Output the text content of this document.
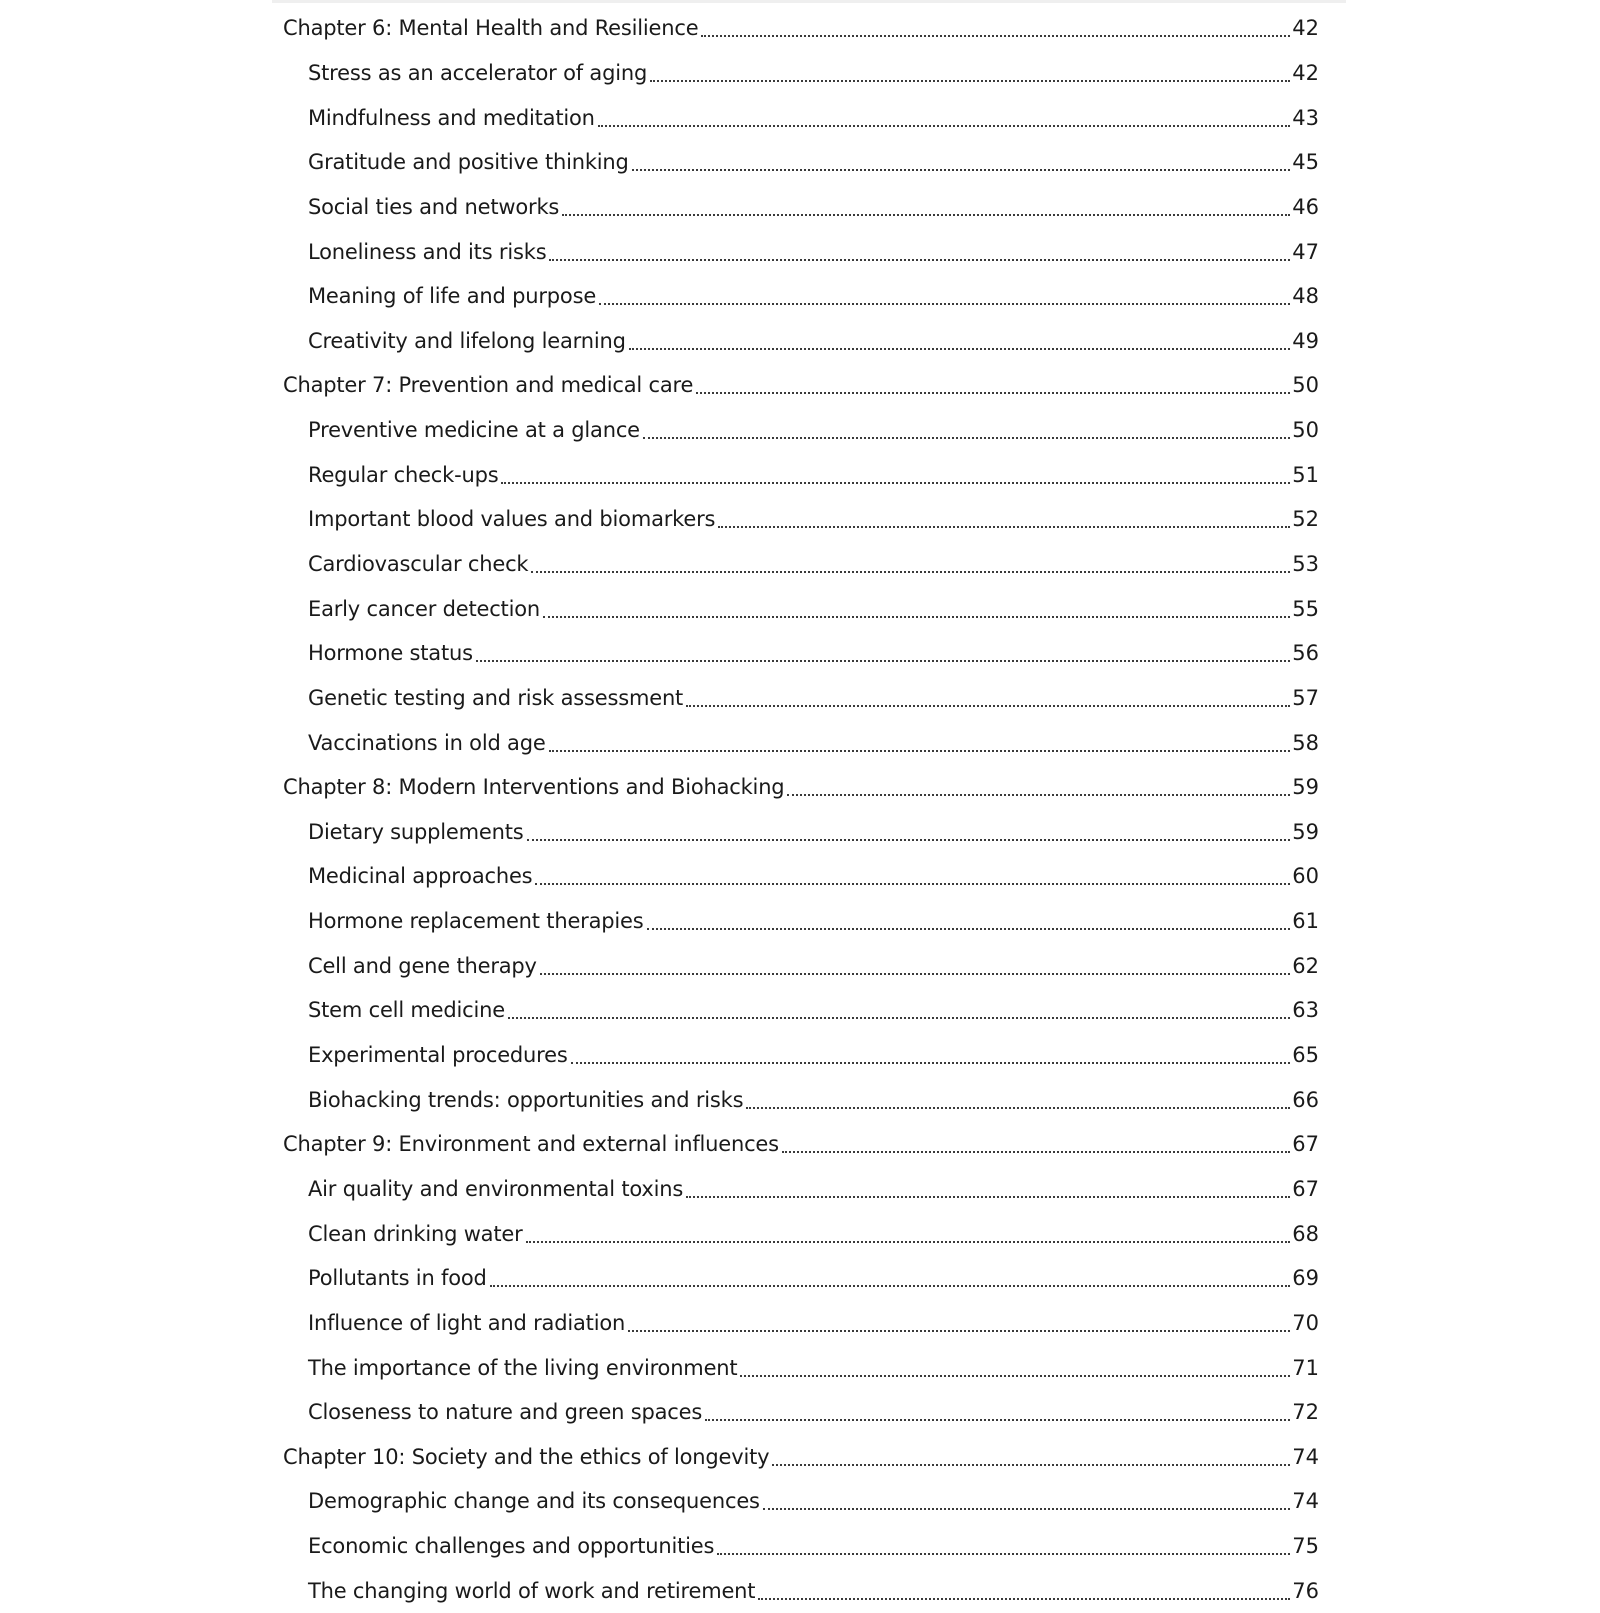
Chapter 6: Mental Health and Resilience	42
Stress as an accelerator of aging	42
Mindfulness and meditation	43
Gratitude and positive thinking	45
Social ties and networks	46
Loneliness and its risks	47
Meaning of life and purpose	48
Creativity and lifelong learning	49
Chapter 7: Prevention and medical care	50
Preventive medicine at a glance	50
Regular check-ups	51
Important blood values and biomarkers	52
Cardiovascular check	53
Early cancer detection	55
Hormone status	56
Genetic testing and risk assessment	57
Vaccinations in old age	58
Chapter 8: Modern Interventions and Biohacking	59
Dietary supplements	59
Medicinal approaches	60
Hormone replacement therapies	61
Cell and gene therapy	62
Stem cell medicine	63
Experimental procedures	65
Biohacking trends: opportunities and risks	66
Chapter 9: Environment and external influences	67
Air quality and environmental toxins	67
Clean drinking water	68
Pollutants in food	69
Influence of light and radiation	70
The importance of the living environment	71
Closeness to nature and green spaces	72
Chapter 10: Society and the ethics of longevity	74
Demographic change and its consequences	74
Economic challenges and opportunities	75
The changing world of work and retirement	76
